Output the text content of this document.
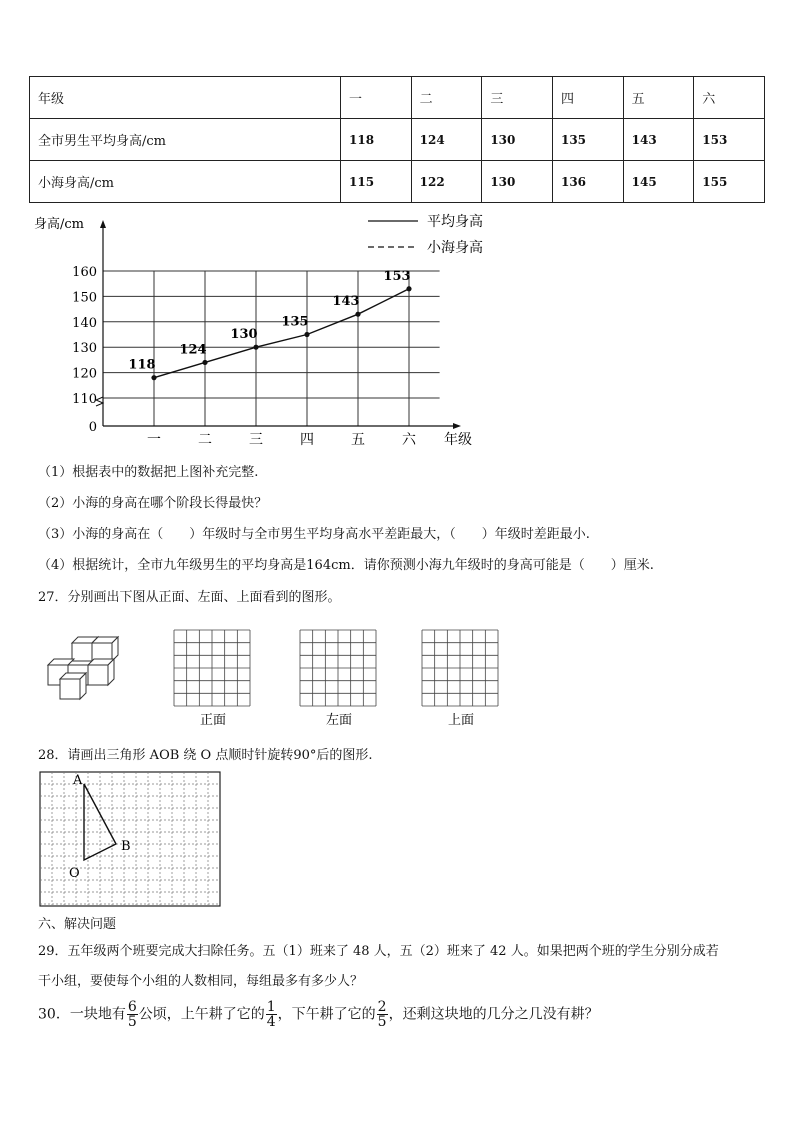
年级	一	二	三	四	五	六
全市男生平均身高/cm	118	124	130	135	143	153
小海身高/cm	115	122	130	136	145	155
身高/cm	平均身高
小海身高
0
110
120
130
140
150
160
一	二	三	四	五	六
118
124
130
135
143
153
年级
（1）根据表中的数据把上图补充完整.
（2）小海的身高在哪个阶段长得最快？
（3）小海的身高在（　　）年级时与全市男生平均身高水平差距最大，（　　）年级时差距最小.
（4）根据统计，全市九年级男生的平均身高是164cm．请你预测小海九年级时的身高可能是（　　）厘米.
27．分别画出下图从正面、左面、上面看到的图形。
正面	左面	上面
28．请画出三角形 AOB 绕 O 点顺时针旋转90°后的图形.
A
B
O
六、解决问题
29．五年级两个班要完成大扫除任务。五（1）班来了 48 人，五（2）班来了 42 人。如果把两个班的学生分别分成若
干小组，要使每个小组的人数相同，每组最多有多少人？
30．一块地有 $\frac{6}{5}$ 公顷，上午耕了它的 $\frac{1}{4}$ ，下午耕了它的 $\frac{2}{5}$ ，还剩这块地的几分之几没有耕？
